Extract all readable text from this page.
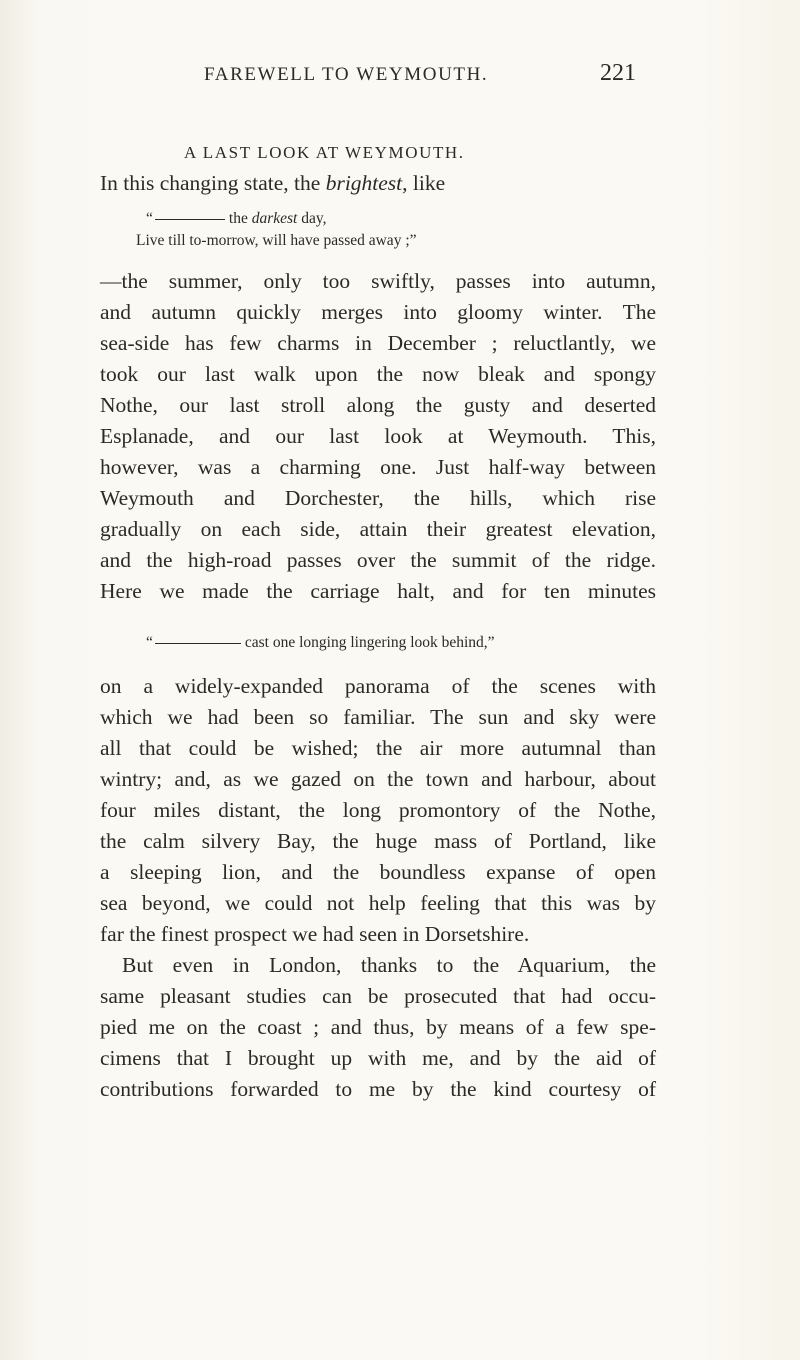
FAREWELL TO WEYMOUTH.	221
A LAST LOOK AT WEYMOUTH.
In this changing state, the brightest, like
“	the darkest day,
Live till to-morrow, will have passed away ;”
—the summer, only too swiftly, passes into autumn,
and autumn quickly merges into gloomy winter. The
sea-side has few charms in December ; reluctlantly, we
took our last walk upon the now bleak and spongy
Nothe, our last stroll along the gusty and deserted
Esplanade, and our last look at Weymouth. This,
however, was a charming one. Just half-way between
Weymouth and Dorchester, the hills, which rise
gradually on each side, attain their greatest elevation,
and the high-road passes over the summit of the ridge.
Here we made the carriage halt, and for ten minutes
“	cast one longing lingering look behind,”
on a widely-expanded panorama of the scenes with
which we had been so familiar. The sun and sky were
all that could be wished; the air more autumnal than
wintry; and, as we gazed on the town and harbour, about
four miles distant, the long promontory of the Nothe,
the calm silvery Bay, the huge mass of Portland, like
a sleeping lion, and the boundless expanse of open
sea beyond, we could not help feeling that this was by
far the finest prospect we had seen in Dorsetshire.
But even in London, thanks to the Aquarium, the
same pleasant studies can be prosecuted that had occu-
pied me on the coast ; and thus, by means of a few spe-
cimens that I brought up with me, and by the aid of
contributions forwarded to me by the kind courtesy of
